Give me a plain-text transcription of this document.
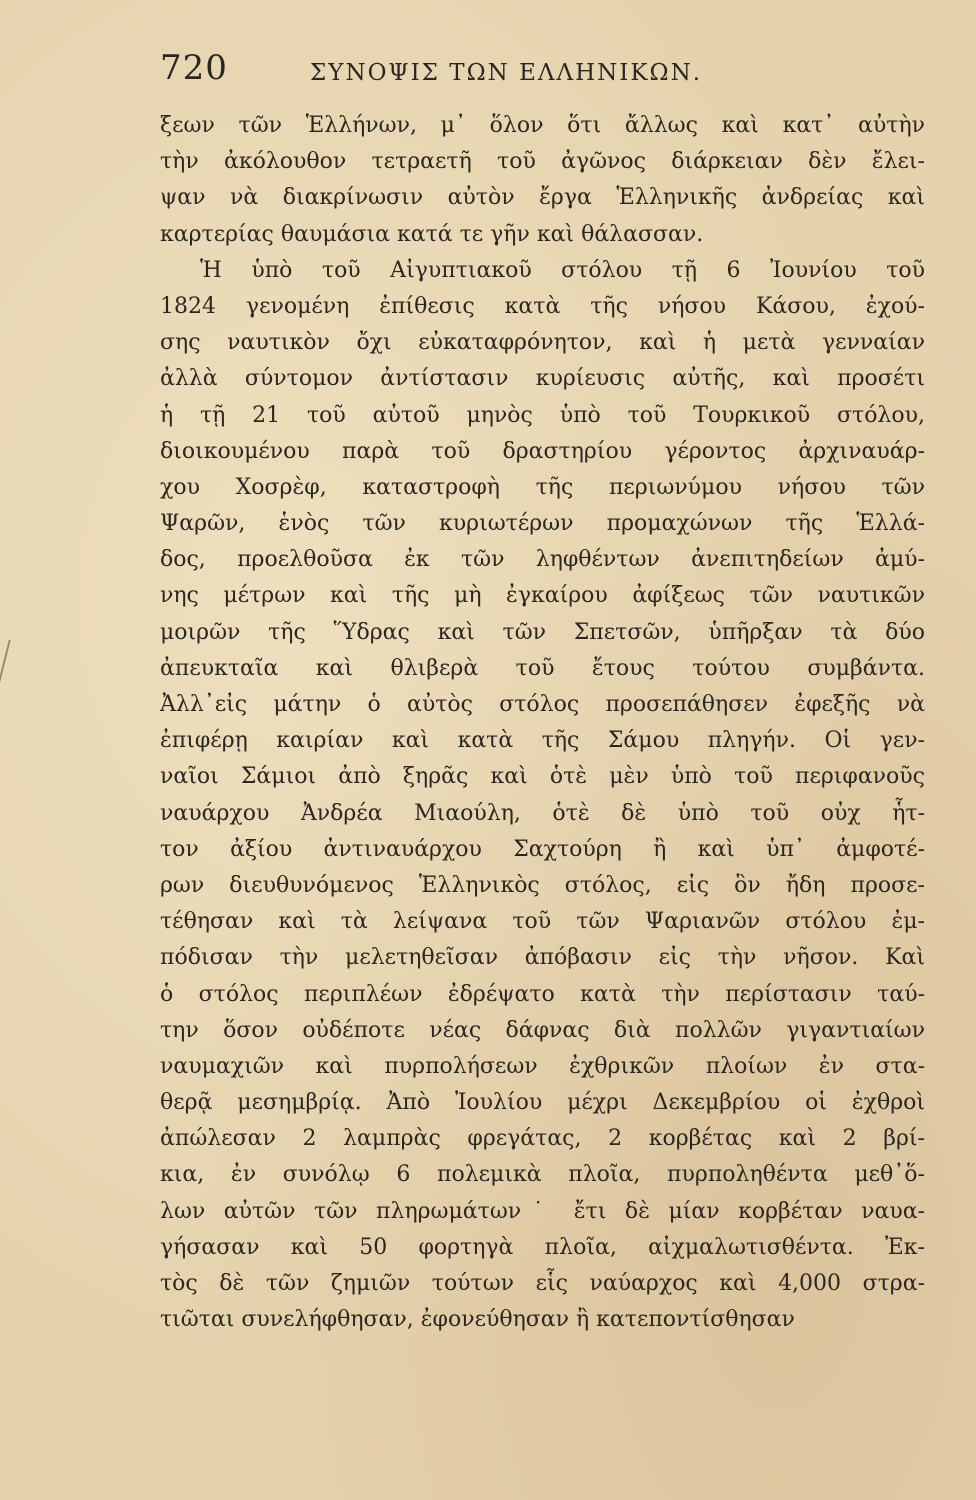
720	ΣΥΝΟΨΙΣ ΤΩΝ ΕΛΛΗΝΙΚΩΝ.
ξεων τῶν Ἑλλήνων, μ᾽ ὅλον ὅτι ἄλλως καὶ κατ᾽ αὐτὴν
τὴν ἀκόλουθον τετραετῆ τοῦ ἀγῶνος διάρκειαν δὲν ἔλει-
ψαν νὰ διακρίνωσιν αὐτὸν ἔργα Ἑλληνικῆς ἀνδρείας καὶ
καρτερίας θαυμάσια κατά τε γῆν καὶ θάλασσαν.
Ἡ ὑπὸ τοῦ Αἰγυπτιακοῦ στόλου τῇ 6 Ἰουνίου τοῦ
1824 γενομένη ἐπίθεσις κατὰ τῆς νήσου Κάσου, ἐχού-
σης ναυτικὸν ὄχι εὐκαταφρόνητον, καὶ ἡ μετὰ γενναίαν
ἀλλὰ σύντομον ἀντίστασιν κυρίευσις αὐτῆς, καὶ προσέτι
ἡ τῇ 21 τοῦ αὐτοῦ μηνὸς ὑπὸ τοῦ Τουρκικοῦ στόλου,
διοικουμένου παρὰ τοῦ δραστηρίου γέροντος ἀρχιναυάρ-
χου Χοσρὲφ, καταστροφὴ τῆς περιωνύμου νήσου τῶν
Ψαρῶν, ἑνὸς τῶν κυριωτέρων προμαχώνων τῆς Ἑλλά-
δος, προελθοῦσα ἐκ τῶν ληφθέντων ἀνεπιτηδείων ἀμύ-
νης μέτρων καὶ τῆς μὴ ἐγκαίρου ἀφίξεως τῶν ναυτικῶν
μοιρῶν τῆς Ὕδρας καὶ τῶν Σπετσῶν, ὑπῆρξαν τὰ δύο
ἀπευκταῖα καὶ θλιβερὰ τοῦ ἔτους τούτου συμβάντα.
Ἀλλ᾽εἰς μάτην ὁ αὐτὸς στόλος προσεπάθησεν ἐφεξῆς νὰ
ἐπιφέρῃ καιρίαν καὶ κατὰ τῆς Σάμου πληγήν. Οἱ γεν-
ναῖοι Σάμιοι ἀπὸ ξηρᾶς καὶ ὁτὲ μὲν ὑπὸ τοῦ περιφανοῦς
ναυάρχου Ἀνδρέα Μιαούλη, ὁτὲ δὲ ὑπὸ τοῦ οὐχ ἧτ-
τον ἀξίου ἀντιναυάρχου Σαχτούρη ἢ καὶ ὑπ᾽ ἀμφοτέ-
ρων διευθυνόμενος Ἑλληνικὸς στόλος, εἰς ὃν ἤδη προσε-
τέθησαν καὶ τὰ λείψανα τοῦ τῶν Ψαριανῶν στόλου ἐμ-
πόδισαν τὴν μελετηθεῖσαν ἀπόβασιν εἰς τὴν νῆσον. Καὶ
ὁ στόλος περιπλέων ἐδρέψατο κατὰ τὴν περίστασιν ταύ-
την ὅσον οὐδέποτε νέας δάφνας διὰ πολλῶν γιγαντιαίων
ναυμαχιῶν καὶ πυρπολήσεων ἐχθρικῶν πλοίων ἐν στα-
θερᾷ μεσημβρίᾳ. Ἀπὸ Ἰουλίου μέχρι Δεκεμβρίου οἱ ἐχθροὶ
ἀπώλεσαν 2 λαμπρὰς φρεγάτας, 2 κορβέτας καὶ 2 βρί-
κια, ἐν συνόλῳ 6 πολεμικὰ πλοῖα, πυρποληθέντα μεθ᾽ὅ-
λων αὐτῶν τῶν πληρωμάτων˙ ἔτι δὲ μίαν κορβέταν ναυα-
γήσασαν καὶ 50 φορτηγὰ πλοῖα, αἰχμαλωτισθέντα. Ἐκ-
τὸς δὲ τῶν ζημιῶν τούτων εἷς ναύαρχος καὶ 4,000 στρα-
τιῶται συνελήφθησαν, ἐφονεύθησαν ἢ κατεποντίσθησαν
